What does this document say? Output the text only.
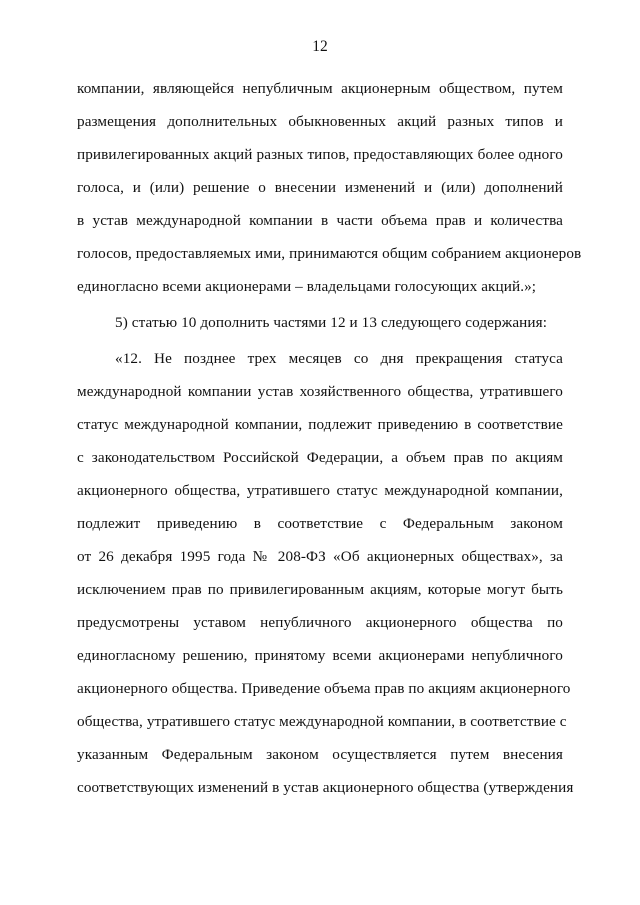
12
компании, являющейся непубличным акционерным обществом, путем
размещения дополнительных обыкновенных акций разных типов и
привилегированных акций разных типов, предоставляющих более одного
голоса, и (или) решение о внесении изменений и (или) дополнений
в устав международной компании в части объема прав и количества
голосов, предоставляемых ими, принимаются общим собранием акционеров
единогласно всеми акционерами – владельцами голосующих акций.»;
5) статью 10 дополнить частями 12 и 13 следующего содержания:
«12. Не позднее трех месяцев со дня прекращения статуса
международной компании устав хозяйственного общества, утратившего
статус международной компании, подлежит приведению в соответствие
с законодательством Российской Федерации, а объем прав по акциям
акционерного общества, утратившего статус международной компании,
подлежит приведению в соответствие с Федеральным законом
от 26 декабря 1995 года № 208-ФЗ «Об акционерных обществах», за
исключением прав по привилегированным акциям, которые могут быть
предусмотрены уставом непубличного акционерного общества по
единогласному решению, принятому всеми акционерами непубличного
акционерного общества. Приведение объема прав по акциям акционерного
общества, утратившего статус международной компании, в соответствие с
указанным Федеральным законом осуществляется путем внесения
соответствующих изменений в устав акционерного общества (утверждения
